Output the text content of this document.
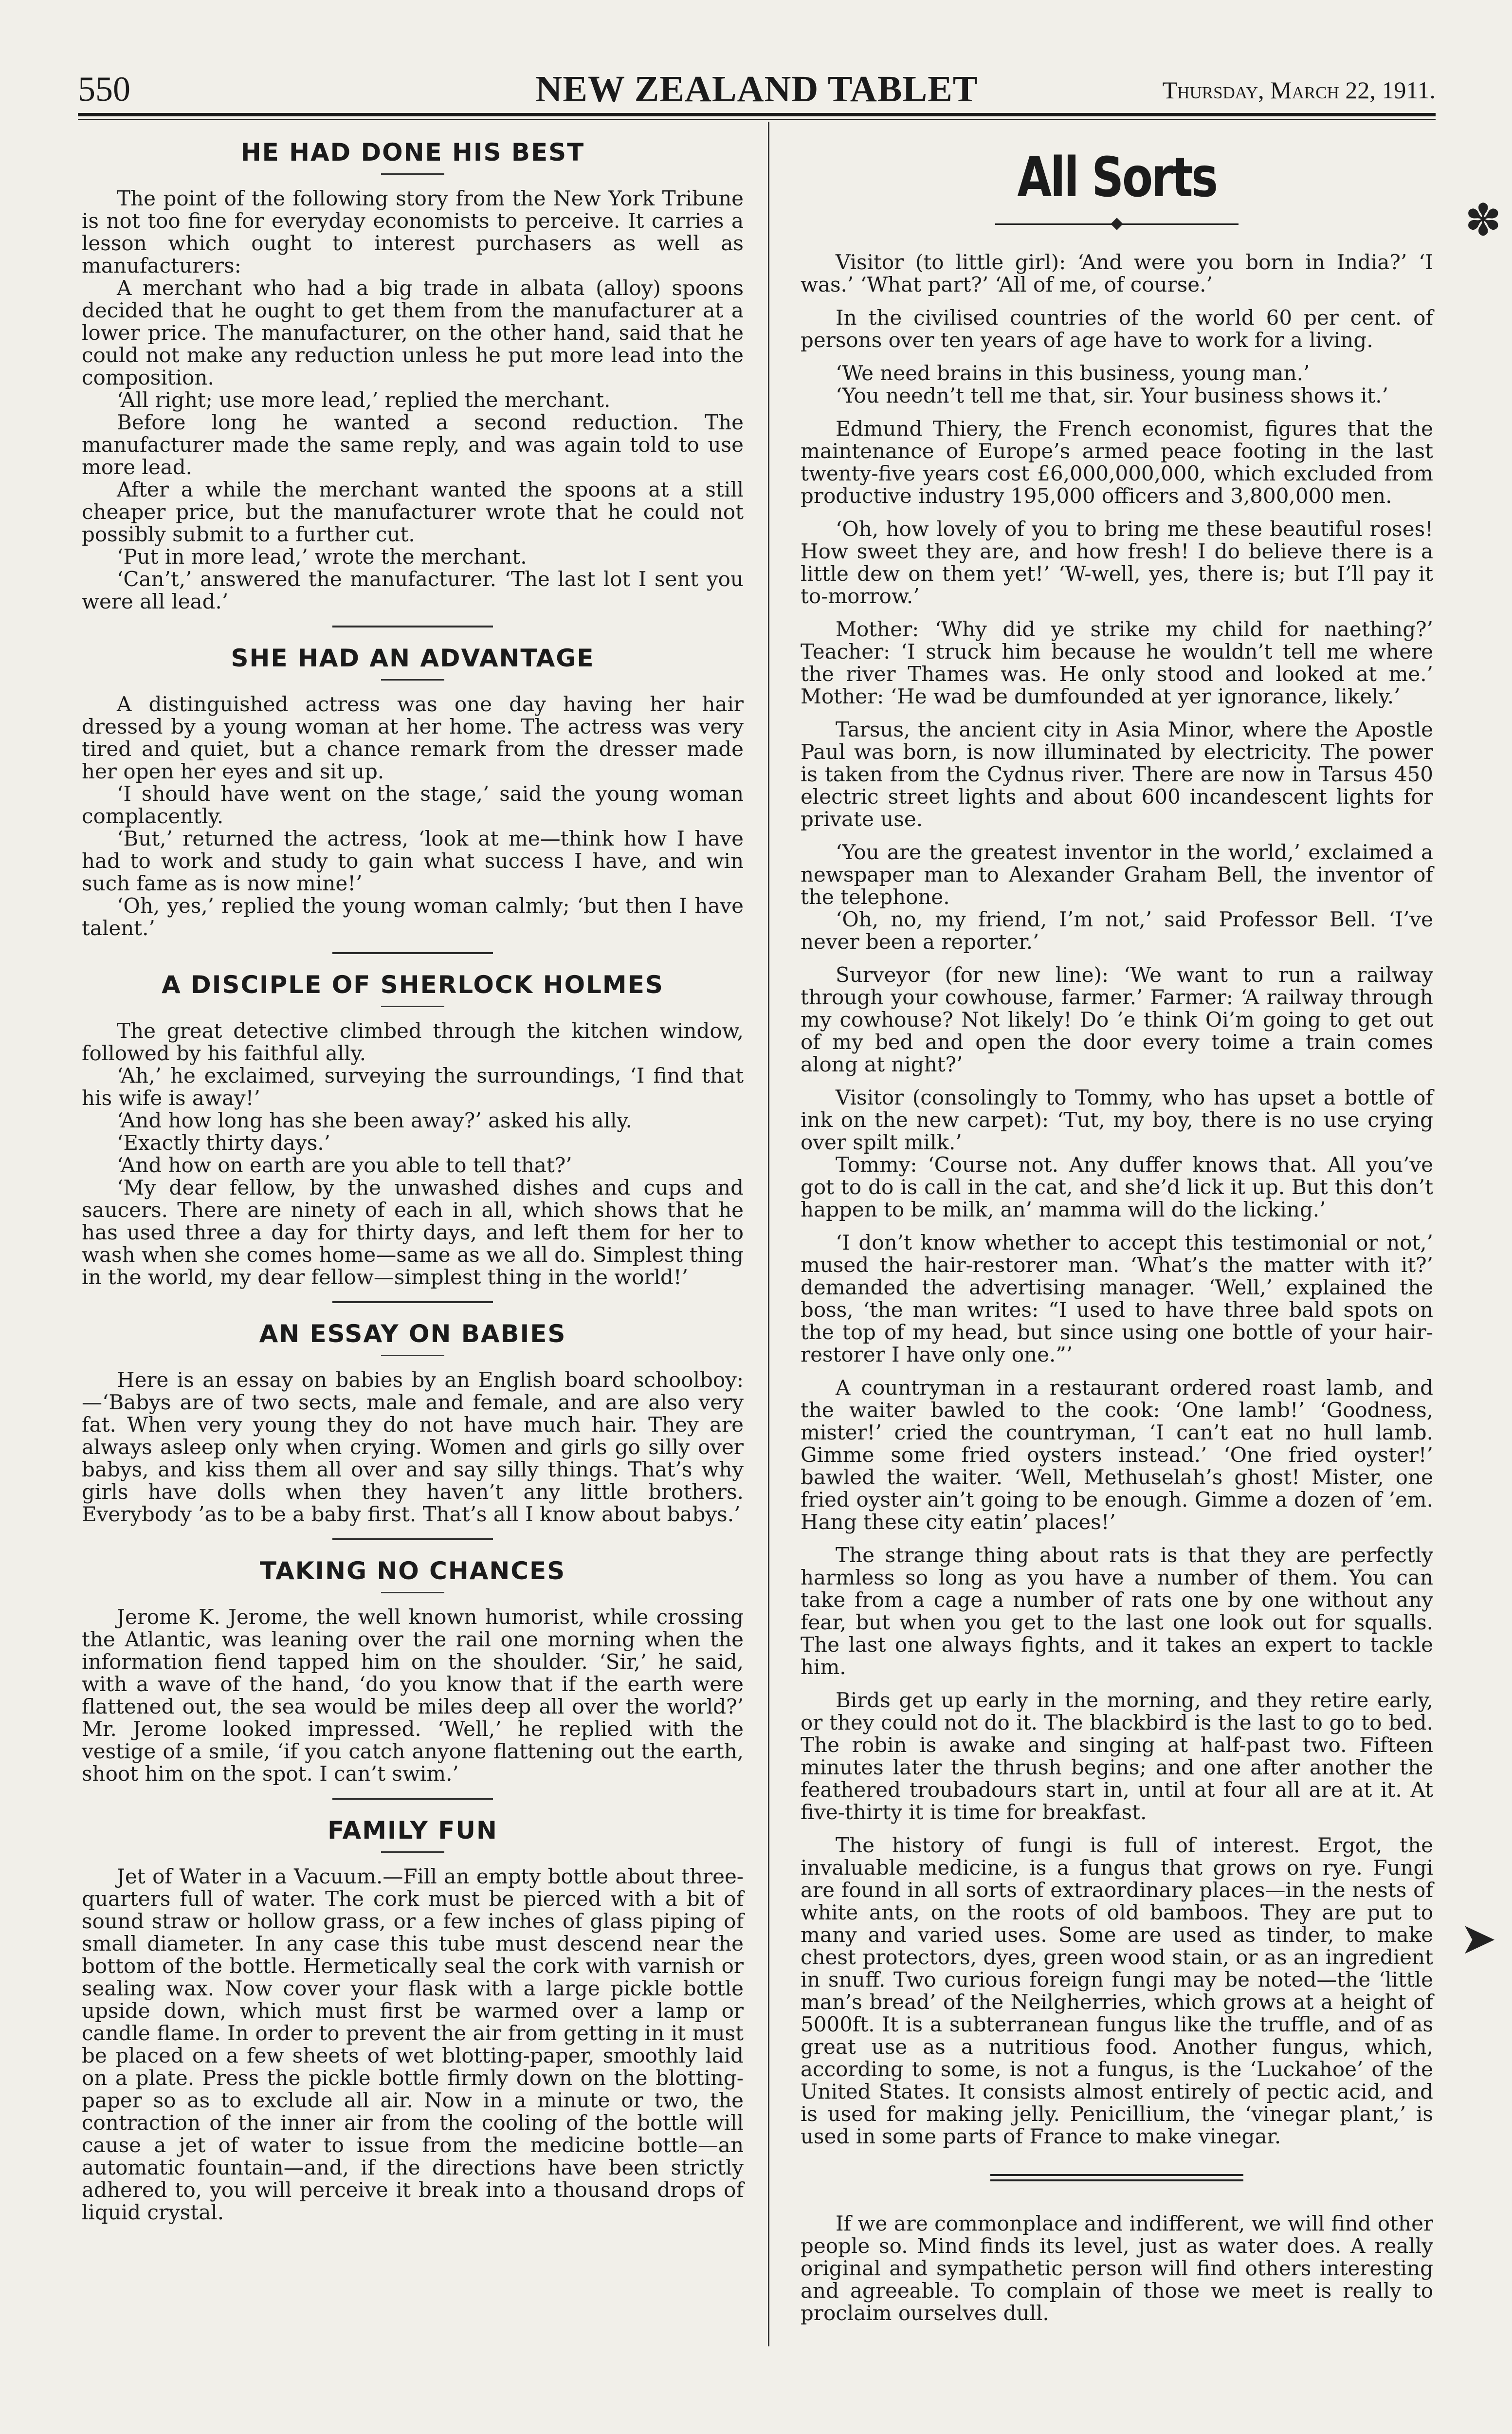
550	NEW ZEALAND TABLET	Thursday, March 22, 1911.
HE HAD DONE HIS BEST

The point of the following story from the New York Tribune is not too fine for everyday economists to perceive. It carries a lesson which ought to interest purchasers as well as manufacturers:

A merchant who had a big trade in albata (alloy) spoons decided that he ought to get them from the manufacturer at a lower price. The manufacturer, on the other hand, said that he could not make any reduction unless he put more lead into the composition.

‘All right; use more lead,’ replied the merchant.

Before long he wanted a second reduction. The manufacturer made the same reply, and was again told to use more lead.

After a while the merchant wanted the spoons at a still cheaper price, but the manufacturer wrote that he could not possibly submit to a further cut.

‘Put in more lead,’ wrote the merchant.

‘Can’t,’ answered the manufacturer. ‘The last lot I sent you were all lead.’

SHE HAD AN ADVANTAGE

A distinguished actress was one day having her hair dressed by a young woman at her home. The actress was very tired and quiet, but a chance remark from the dresser made her open her eyes and sit up.

‘I should have went on the stage,’ said the young woman complacently.

‘But,’ returned the actress, ‘look at me—think how I have had to work and study to gain what success I have, and win such fame as is now mine!’

‘Oh, yes,’ replied the young woman calmly; ‘but then I have talent.’

A DISCIPLE OF SHERLOCK HOLMES

The great detective climbed through the kitchen window, followed by his faithful ally.

‘Ah,’ he exclaimed, surveying the surroundings, ‘I find that his wife is away!’

‘And how long has she been away?’ asked his ally.

‘Exactly thirty days.’

‘And how on earth are you able to tell that?’

‘My dear fellow, by the unwashed dishes and cups and saucers. There are ninety of each in all, which shows that he has used three a day for thirty days, and left them for her to wash when she comes home—same as we all do. Simplest thing in the world, my dear fellow—simplest thing in the world!’

AN ESSAY ON BABIES

Here is an essay on babies by an English board schoolboy:—‘Babys are of two sects, male and female, and are also very fat. When very young they do not have much hair. They are always asleep only when crying. Women and girls go silly over babys, and kiss them all over and say silly things. That’s why girls have dolls when they haven’t any little brothers. Everybody ’as to be a baby first. That’s all I know about babys.’

TAKING NO CHANCES

Jerome K. Jerome, the well known humorist, while crossing the Atlantic, was leaning over the rail one morning when the information fiend tapped him on the shoulder. ‘Sir,’ he said, with a wave of the hand, ‘do you know that if the earth were flattened out, the sea would be miles deep all over the world?’ Mr. Jerome looked impressed. ‘Well,’ he replied with the vestige of a smile, ‘if you catch anyone flattening out the earth, shoot him on the spot. I can’t swim.’

FAMILY FUN

Jet of Water in a Vacuum.—Fill an empty bottle about three-quarters full of water. The cork must be pierced with a bit of sound straw or hollow grass, or a few inches of glass piping of small diameter. In any case this tube must descend near the bottom of the bottle. Hermetically seal the cork with varnish or sealing wax. Now cover your flask with a large pickle bottle upside down, which must first be warmed over a lamp or candle flame. In order to prevent the air from getting in it must be placed on a few sheets of wet blotting-paper, smoothly laid on a plate. Press the pickle bottle firmly down on the blotting-paper so as to exclude all air. Now in a minute or two, the contraction of the inner air from the cooling of the bottle will cause a jet of water to issue from the medicine bottle—an automatic fountain—and, if the directions have been strictly adhered to, you will perceive it break into a thousand drops of liquid crystal.

All Sorts

Visitor (to little girl): ‘And were you born in India?’ ‘I was.’ ‘What part?’ ‘All of me, of course.’

In the civilised countries of the world 60 per cent. of persons over ten years of age have to work for a living.

‘We need brains in this business, young man.’

‘You needn’t tell me that, sir. Your business shows it.’

Edmund Thiery, the French economist, figures that the maintenance of Europe’s armed peace footing in the last twenty-five years cost £6,000,000,000, which excluded from productive industry 195,000 officers and 3,800,000 men.

‘Oh, how lovely of you to bring me these beautiful roses! How sweet they are, and how fresh! I do believe there is a little dew on them yet!’ ‘W-well, yes, there is; but I’ll pay it to-morrow.’

Mother: ‘Why did ye strike my child for naething?’ Teacher: ‘I struck him because he wouldn’t tell me where the river Thames was. He only stood and looked at me.’ Mother: ‘He wad be dumfounded at yer ignorance, likely.’

Tarsus, the ancient city in Asia Minor, where the Apostle Paul was born, is now illuminated by electricity. The power is taken from the Cydnus river. There are now in Tarsus 450 electric street lights and about 600 incandescent lights for private use.

‘You are the greatest inventor in the world,’ exclaimed a newspaper man to Alexander Graham Bell, the inventor of the telephone.

‘Oh, no, my friend, I’m not,’ said Professor Bell. ‘I’ve never been a reporter.’

Surveyor (for new line): ‘We want to run a railway through your cowhouse, farmer.’ Farmer: ‘A railway through my cowhouse? Not likely! Do ’e think Oi’m going to get out of my bed and open the door every toime a train comes along at night?’

Visitor (consolingly to Tommy, who has upset a bottle of ink on the new carpet): ‘Tut, my boy, there is no use crying over spilt milk.’

Tommy: ‘Course not. Any duffer knows that. All you’ve got to do is call in the cat, and she’d lick it up. But this don’t happen to be milk, an’ mamma will do the licking.’

‘I don’t know whether to accept this testimonial or not,’ mused the hair-restorer man. ‘What’s the matter with it?’ demanded the advertising manager. ‘Well,’ explained the boss, ‘the man writes: “I used to have three bald spots on the top of my head, but since using one bottle of your hair-restorer I have only one.”’

A countryman in a restaurant ordered roast lamb, and the waiter bawled to the cook: ‘One lamb!’ ‘Goodness, mister!’ cried the countryman, ‘I can’t eat no hull lamb. Gimme some fried oysters instead.’ ‘One fried oyster!’ bawled the waiter. ‘Well, Methuselah’s ghost! Mister, one fried oyster ain’t going to be enough. Gimme a dozen of ’em. Hang these city eatin’ places!’

The strange thing about rats is that they are perfectly harmless so long as you have a number of them. You can take from a cage a number of rats one by one without any fear, but when you get to the last one look out for squalls. The last one always fights, and it takes an expert to tackle him.

Birds get up early in the morning, and they retire early, or they could not do it. The blackbird is the last to go to bed. The robin is awake and singing at half-past two. Fifteen minutes later the thrush begins; and one after another the feathered troubadours start in, until at four all are at it. At five-thirty it is time for breakfast.

The history of fungi is full of interest. Ergot, the invaluable medicine, is a fungus that grows on rye. Fungi are found in all sorts of extraordinary places—in the nests of white ants, on the roots of old bamboos. They are put to many and varied uses. Some are used as tinder, to make chest protectors, dyes, green wood stain, or as an ingredient in snuff. Two curious foreign fungi may be noted—the ‘little man’s bread’ of the Neilgherries, which grows at a height of 5000ft. It is a subterranean fungus like the truffle, and of as great use as a nutritious food. Another fungus, which, according to some, is not a fungus, is the ‘Luckahoe’ of the United States. It consists almost entirely of pectic acid, and is used for making jelly. Penicillium, the ‘vinegar plant,’ is used in some parts of France to make vinegar.

If we are commonplace and indifferent, we will find other people so. Mind finds its level, just as water does. A really original and sympathetic person will find others interesting and agreeable. To complain of those we meet is really to proclaim ourselves dull.

✽
➤
